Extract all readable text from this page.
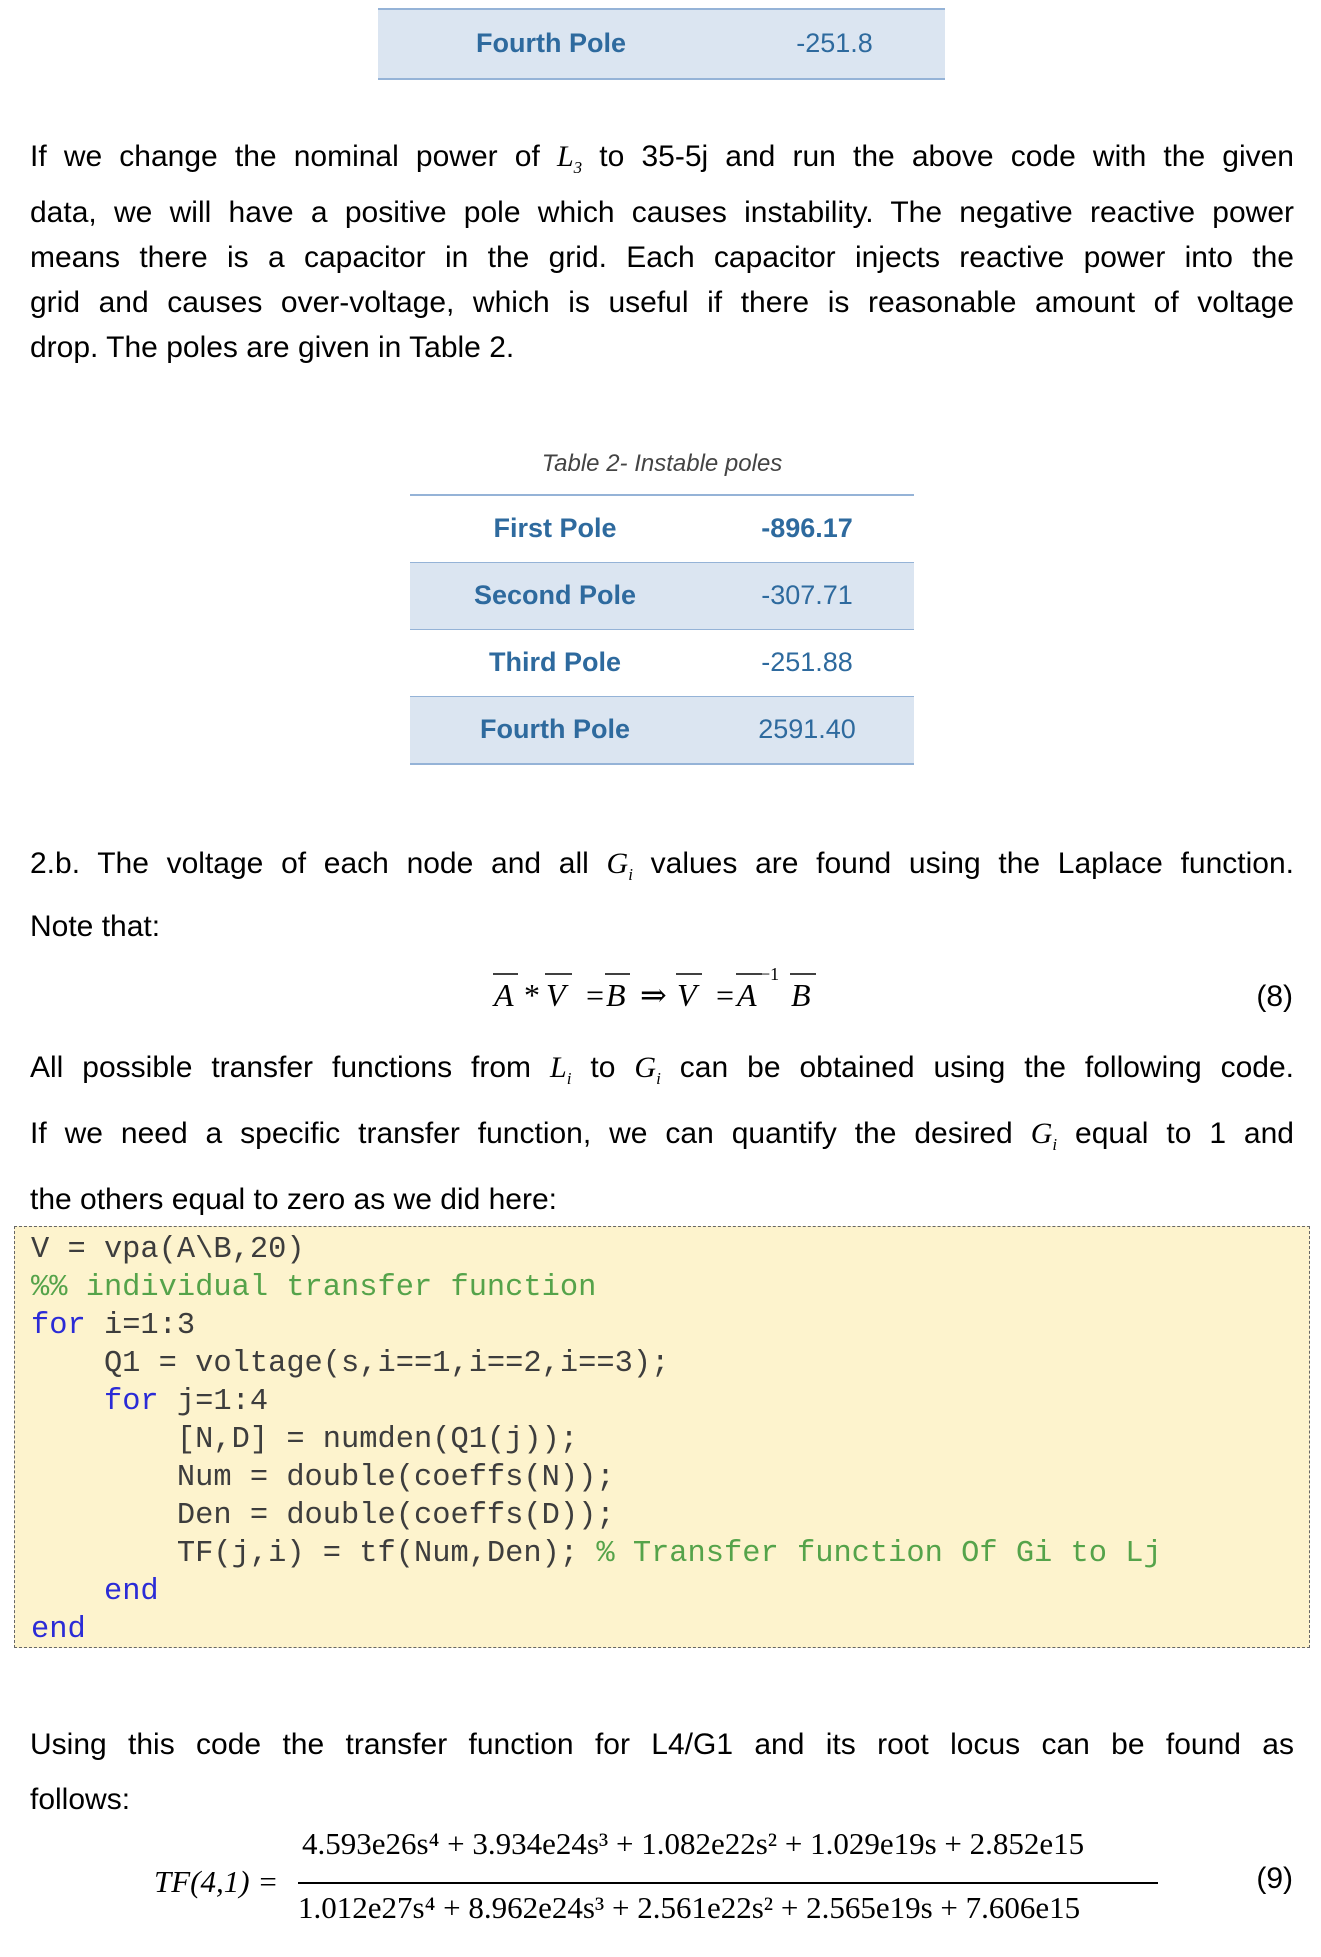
Fourth Pole	-251.8
If we change the nominal power of $L_3$ to 35-5j and run the above code with the given
data, we will have a positive pole which causes instability. The negative reactive power
means there is a capacitor in the grid. Each capacitor injects reactive power into the
grid and causes over-voltage, which is useful if there is reasonable amount of voltage
drop. The poles are given in Table 2.
Table 2- Instable poles
First Pole	-896.17
Second Pole	-307.71
Third Pole	-251.88
Fourth Pole	2591.40
2.b. The voltage of each node and all $G_i$ values are found using the Laplace function.
Note that:
A * V = B ⇒ V = A
−1
B	(8)
All possible transfer functions from $L_i$ to $G_i$ can be obtained using the following code.
If we need a specific transfer function, we can quantify the desired $G_i$ equal to 1 and
the others equal to zero as we did here:
V = vpa(A\B,20)
%% individual transfer function
for i=1:3
Q1 = voltage(s,i==1,i==2,i==3);
for j=1:4
[N,D] = numden(Q1(j));
Num = double(coeffs(N));
Den = double(coeffs(D));
TF(j,i) = tf(Num,Den); % Transfer function Of Gi to Lj
end
end
Using this code the transfer function for L4/G1 and its root locus can be found as
follows:
TF(4,1) =
4.593e26s⁴ + 3.934e24s³ + 1.082e22s² + 1.029e19s + 2.852e15
1.012e27s⁴ + 8.962e24s³ + 2.561e22s² + 2.565e19s + 7.606e15
(9)
